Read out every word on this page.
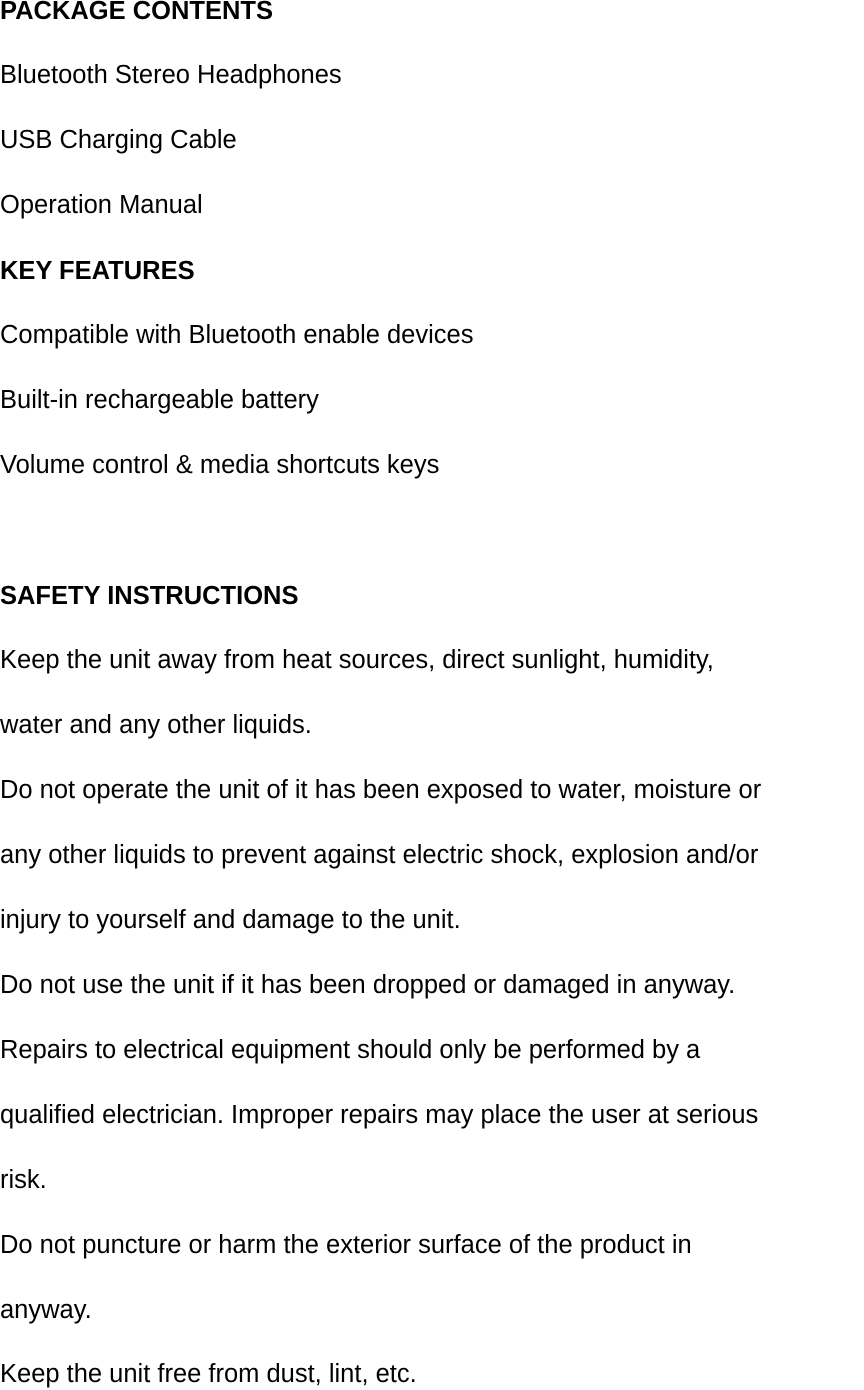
PACKAGE CONTENTS

Bluetooth Stereo Headphones

USB Charging Cable

Operation Manual

KEY FEATURES

Compatible with Bluetooth enable devices

Built-in rechargeable battery

Volume control & media shortcuts keys

SAFETY INSTRUCTIONS

Keep the unit away from heat sources, direct sunlight, humidity,

water and any other liquids.

Do not operate the unit of it has been exposed to water, moisture or

any other liquids to prevent against electric shock, explosion and/or

injury to yourself and damage to the unit.

Do not use the unit if it has been dropped or damaged in anyway.

Repairs to electrical equipment should only be performed by a

qualified electrician. Improper repairs may place the user at serious

risk.

Do not puncture or harm the exterior surface of the product in

anyway.

Keep the unit free from dust, lint, etc.
